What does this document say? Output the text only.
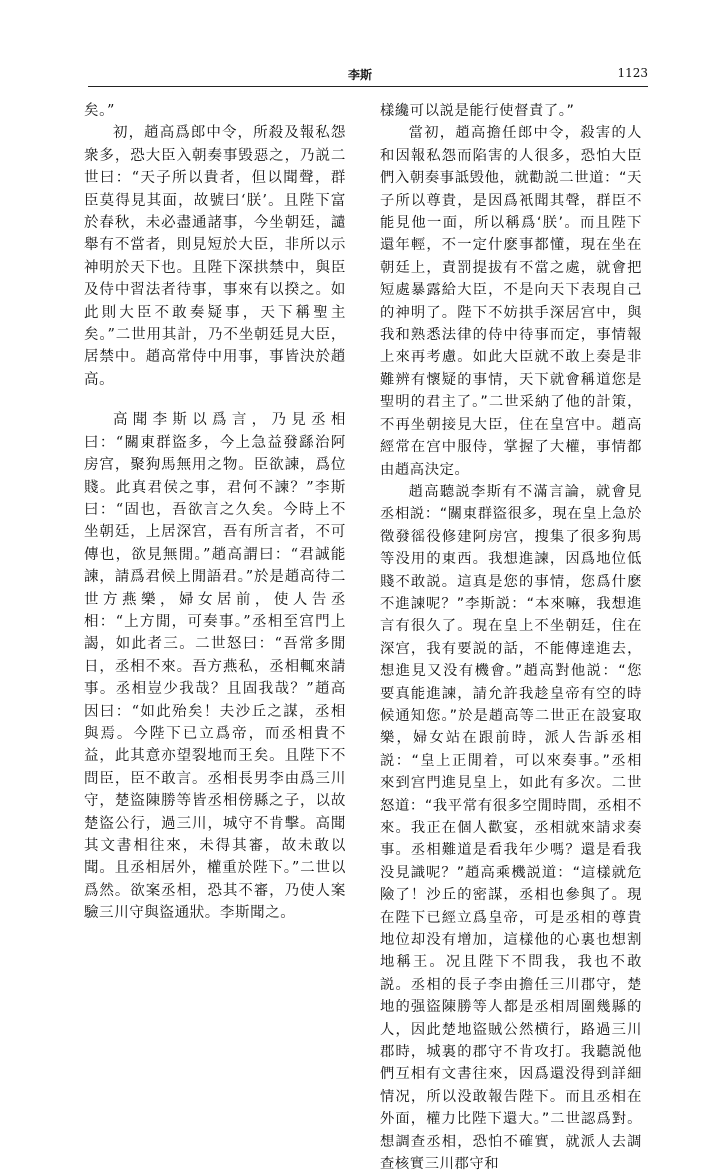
李斯	1123

矣。”

初，趙高爲郎中令，所殺及報私怨衆多，恐大臣入朝奏事毁惡之，乃説二世曰：“天子所以貴者，但以聞聲，群臣莫得見其面，故號曰‘朕’。且陛下富於春秋，未必盡通諸事，今坐朝廷，譴舉有不當者，則見短於大臣，非所以示神明於天下也。且陛下深拱禁中，與臣及侍中習法者待事，事來有以揆之。如此則大臣不敢奏疑事，天下稱聖主矣。”二世用其計，乃不坐朝廷見大臣，居禁中。趙高常侍中用事，事皆決於趙高。

高聞李斯以爲言，乃見丞相曰：“關東群盜多，今上急益發繇治阿房宫，聚狗馬無用之物。臣欲諫，爲位賤。此真君侯之事，君何不諫？”李斯曰：“固也，吾欲言之久矣。今時上不坐朝廷，上居深宫，吾有所言者，不可傳也，欲見無閒。”趙高謂曰：“君誠能諫，請爲君候上閒語君。”於是趙高待二世方燕樂，婦女居前，使人告丞相：“上方閒，可奏事。”丞相至宫門上謁，如此者三。二世怒曰：“吾常多閒日，丞相不來。吾方燕私，丞相輒來請事。丞相豈少我哉？且固我哉？”趙高因曰：“如此殆矣！夫沙丘之謀，丞相與焉。今陛下已立爲帝，而丞相貴不益，此其意亦望裂地而王矣。且陛下不問臣，臣不敢言。丞相長男李由爲三川守，楚盜陳勝等皆丞相傍縣之子，以故楚盜公行，過三川，城守不肯擊。高聞其文書相往來，未得其審，故未敢以聞。且丞相居外，權重於陛下。”二世以爲然。欲案丞相，恐其不審，乃使人案驗三川守與盜通狀。李斯聞之。

樣纔可以説是能行使督責了。”

當初，趙高擔任郎中令，殺害的人和因報私怨而陷害的人很多，恐怕大臣們入朝奏事詆毁他，就勸説二世道：“天子所以尊貴，是因爲衹聞其聲，群臣不能見他一面，所以稱爲‘朕’。而且陛下還年輕，不一定什麽事都懂，現在坐在朝廷上，責罰提拔有不當之處，就會把短處暴露給大臣，不是向天下表現自己的神明了。陛下不妨拱手深居宫中，與我和熟悉法律的侍中待事而定，事情報上來再考慮。如此大臣就不敢上奏是非難辨有懷疑的事情，天下就會稱道您是聖明的君主了。”二世采納了他的計策，不再坐朝接見大臣，住在皇宫中。趙高經常在宫中服侍，掌握了大權，事情都由趙高決定。

趙高聽説李斯有不滿言論，就會見丞相説：“關東群盜很多，現在皇上急於徵發徭役修建阿房宫，搜集了很多狗馬等没用的東西。我想進諫，因爲地位低賤不敢説。這真是您的事情，您爲什麽不進諫呢？”李斯説：“本來嘛，我想進言有很久了。現在皇上不坐朝廷，住在深宫，我有要説的話，不能傳達進去，想進見又没有機會。”趙高對他説：“您要真能進諫，請允許我趁皇帝有空的時候通知您。”於是趙高等二世正在設宴取樂，婦女站在跟前時，派人告訴丞相説：“皇上正閒着，可以來奏事。”丞相來到宫門進見皇上，如此有多次。二世怒道：“我平常有很多空閒時間，丞相不來。我正在個人歡宴，丞相就來請求奏事。丞相難道是看我年少嗎？還是看我没見識呢？”趙高乘機説道：“這樣就危險了！沙丘的密謀，丞相也參與了。現在陛下已經立爲皇帝，可是丞相的尊貴地位却没有增加，這樣他的心裏也想割地稱王。况且陛下不問我，我也不敢説。丞相的長子李由擔任三川郡守，楚地的强盜陳勝等人都是丞相周圍幾縣的人，因此楚地盜賊公然横行，路過三川郡時，城裏的郡守不肯攻打。我聽説他們互相有文書往來，因爲還没得到詳細情况，所以没敢報告陛下。而且丞相在外面，權力比陛下還大。”二世認爲對。想調查丞相，恐怕不確實，就派人去調查核實三川郡守和
